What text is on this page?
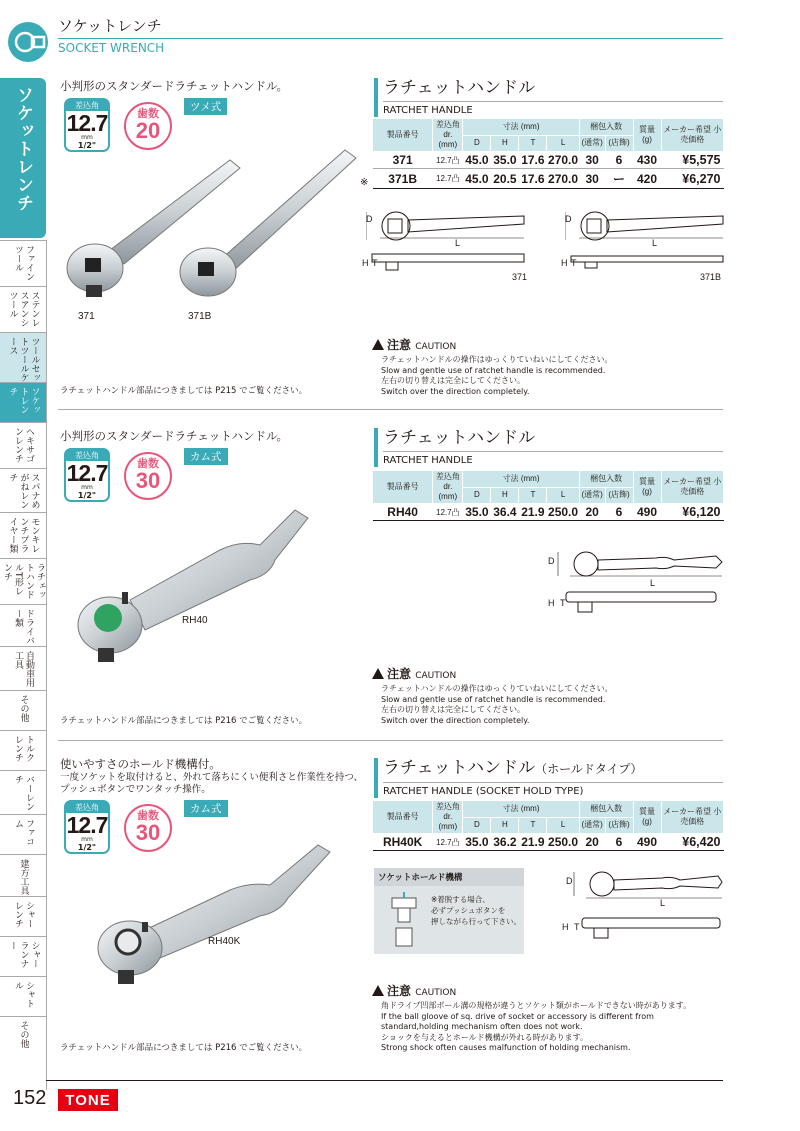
ソケットレンチ
SOCKET WRENCH
ソケットレンチ
ファインツール
ステンレスアンシツール
ツールセットツールケース
ソケットレンチ
ヘキサゴンレンチ
スパナめがねレンチ
モンキレンチプライヤー類
ラチェットハンドルT形レンチ
ドライバー類
自動車用工具
その他
トルクレンチ
バーレンチ
ファコム
建方工具
シャーレンチ
シャーランナー
シャトル
その他
小判形のスタンダードラチェットハンドル。
差込角
12.7
mm
1/2"
歯数
20
ツメ式
371	371B
ラチェットハンドル部品につきましては P215 でご覧ください。
ラチェットハンドル
RATCHET HANDLE
製品番号	差込角 dr. (mm)	寸法 (mm)				梱包入数		質量 (g)	メーカー希望 小売価格
		D	H	T	L	(通常)	(店飾)		
371	12.7凸	45.0	35.0	17.6	270.0	30	6	430	¥5,575
371B	12.7凸	45.0	20.5	17.6	270.0	30	ー	420	¥6,270
※
D
L
H T
371
D
L
H T
371B
注意 CAUTION

ラチェットハンドルの操作はゆっくりていねいにしてください。

Slow and gentle use of ratchet handle is recommended.

左右の切り替えは完全にしてください。

Switch over the direction completely.

小判形のスタンダードラチェットハンドル。
差込角
12.7
mm
1/2"
歯数
30
カム式
RH40
ラチェットハンドル部品につきましては P216 でご覧ください。
ラチェットハンドル
RATCHET HANDLE
製品番号	差込角 dr. (mm)	寸法 (mm)				梱包入数		質量 (g)	メーカー希望 小売価格
		D	H	T	L	(通常)	(店飾)		
RH40	12.7凸	35.0	36.4	21.9	250.0	20	6	490	¥6,120
D
L
H T
注意 CAUTION

ラチェットハンドルの操作はゆっくりていねいにしてください。

Slow and gentle use of ratchet handle is recommended.

左右の切り替えは完全にしてください。

Switch over the direction completely.

使いやすさのホールド機構付。
一度ソケットを取付けると、外れて落ちにくい便利さと作業性を持つ、プッシュボタンでワンタッチ操作。
差込角
12.7
mm
1/2"
歯数
30
カム式
RH40K
ラチェットハンドル部品につきましては P216 でご覧ください。
ラチェットハンドル（ホールドタイプ）
RATCHET HANDLE (SOCKET HOLD TYPE)
製品番号	差込角 dr. (mm)	寸法 (mm)				梱包入数		質量 (g)	メーカー希望 小売価格
		D	H	T	L	(通常)	(店飾)		
RH40K	12.7凸	35.0	36.2	21.9	250.0	20	6	490	¥6,420
ソケットホールド機構
※着脱する場合、
必ずプッシュボタンを
押しながら行って下さい。
D
L
H T
注意 CAUTION

角ドライブ凹部ボール溝の規格が違うとソケット類がホールドできない時があります。

If the ball gloove of sq. drive of socket or accessory is different from standard,holding mechanism often does not work.

ショックを与えるとホールド機構が外れる時があります。

Strong shock often causes malfunction of holding mechanism.

152	TONE
